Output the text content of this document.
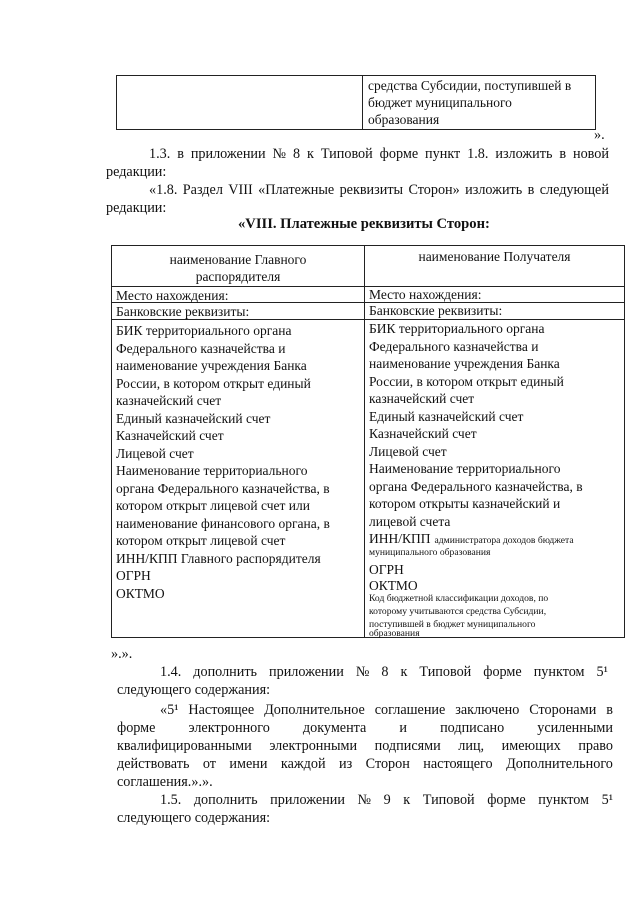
средства Субсидии, поступившей в
бюджет муниципального
образования
».
1.3. в приложении № 8 к Типовой форме пункт 1.8. изложить в новой
редакции:
«1.8. Раздел VIII «Платежные реквизиты Сторон» изложить в следующей
редакции:
«VIII. Платежные реквизиты Сторон:
наименование Главного
распорядителя
наименование Получателя
Место нахождения:	Место нахождения:
Банковские реквизиты:	Банковские реквизиты:
БИК территориального органа
Федерального казначейства и
наименование учреждения Банка
России, в котором открыт единый
казначейский счет
Единый казначейский счет
Казначейский счет
Лицевой счет
Наименование территориального
органа Федерального казначейства, в
котором открыт лицевой счет или
наименование финансового органа, в
котором открыт лицевой счет
ИНН/КПП Главного распорядителя
ОГРН
ОКТМО
БИК территориального органа
Федерального казначейства и
наименование учреждения Банка
России, в котором открыт единый
казначейский счет
Единый казначейский счет
Казначейский счет
Лицевой счет
Наименование территориального
органа Федерального казначейства, в
котором открыты казначейский и
лицевой счета
ИНН/КПП администратора доходов бюджета
муниципального образования
ОГРН
ОКТМО
Код бюджетной классификации доходов, по
которому учитываются средства Субсидии,
поступившей в бюджет муниципального
образования
».».
1.4. дополнить приложении № 8 к Типовой форме пунктом 5¹
следующего содержания:
«5¹ Настоящее Дополнительное соглашение заключено Сторонами в
форме электронного документа и подписано усиленными
квалифицированными электронными подписями лиц, имеющих право
действовать от имени каждой из Сторон настоящего Дополнительного
соглашения.».».
1.5. дополнить приложении № 9 к Типовой форме пунктом 5¹
следующего содержания:
